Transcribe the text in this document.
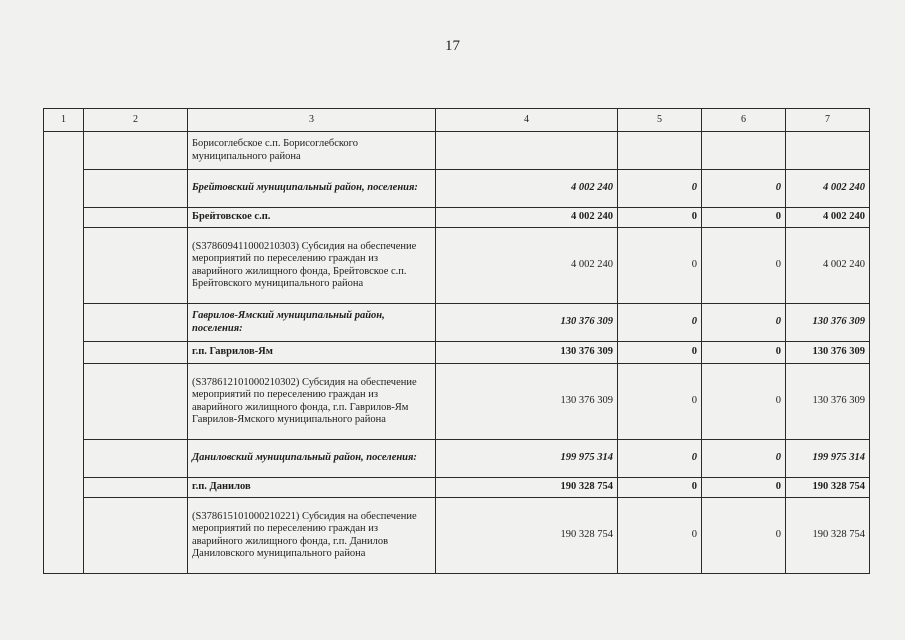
17
1	2	3	4	5	6	7
		Борисоглебское с.п. Борисоглебского муниципального района				
		Брейтовский муниципальный район, поселения:	4 002 240	0	0	4 002 240
		Брейтовское с.п.	4 002 240	0	0	4 002 240
		(S378609411000210303) Субсидия на обеспечение мероприятий по переселению граждан из аварийного жилищного фонда, Брейтовское с.п. Брейтовского муниципального района	4 002 240	0	0	4 002 240
		Гаврилов-Ямский муниципальный район, поселения:	130 376 309	0	0	130 376 309
		г.п. Гаврилов-Ям	130 376 309	0	0	130 376 309
		(S378612101000210302) Субсидия на обеспечение мероприятий по переселению граждан из аварийного жилищного фонда, г.п. Гаврилов-Ям Гаврилов-Ямского муниципального района	130 376 309	0	0	130 376 309
		Даниловский муниципальный район, поселения:	199 975 314	0	0	199 975 314
		г.п. Данилов	190 328 754	0	0	190 328 754
		(S378615101000210221) Субсидия на обеспечение мероприятий по переселению граждан из аварийного жилищного фонда, г.п. Данилов Даниловского муниципального района	190 328 754	0	0	190 328 754
